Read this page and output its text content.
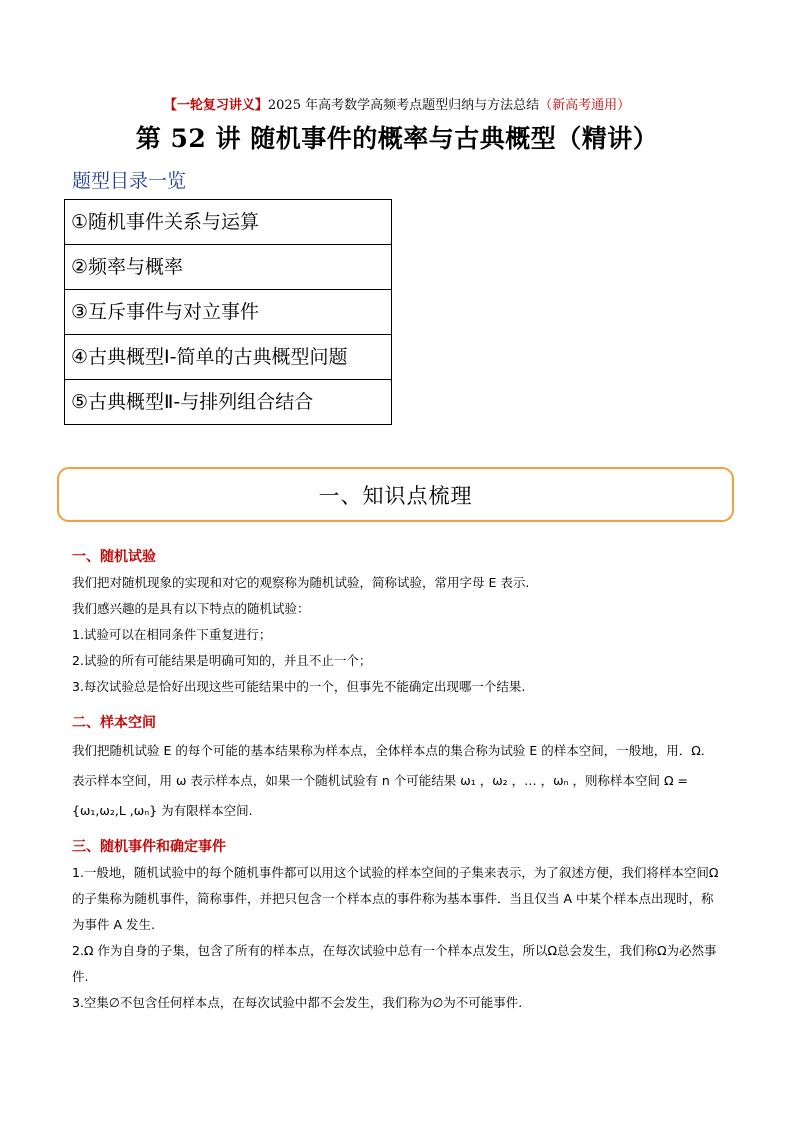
【一轮复习讲义】2025 年高考数学高频考点题型归纳与方法总结（新高考通用）
第 52 讲 随机事件的概率与古典概型（精讲）
题型目录一览
①随机事件关系与运算
②频率与概率
③互斥事件与对立事件
④古典概型Ⅰ-简单的古典概型问题
⑤古典概型Ⅱ-与排列组合结合
一、知识点梳理
一、随机试验
我们把对随机现象的实现和对它的观察称为随机试验，简称试验，常用字母 E 表示.
我们感兴趣的是具有以下特点的随机试验：
1.试验可以在相同条件下重复进行；
2.试验的所有可能结果是明确可知的，并且不止一个；
3.每次试验总是恰好出现这些可能结果中的一个，但事先不能确定出现哪一个结果.
二、样本空间
我们把随机试验 E 的每个可能的基本结果称为样本点，全体样本点的集合称为试验 E 的样本空间，一般地，用．Ω．表示样本空间，用 ω 表示样本点，如果一个随机试验有 n 个可能结果 ω₁ ，ω₂ ，… ，ωₙ ，则称样本空间 Ω = {ω₁,ω₂,L ,ωₙ} 为有限样本空间.
三、随机事件和确定事件
1.一般地，随机试验中的每个随机事件都可以用这个试验的样本空间的子集来表示，为了叙述方便，我们将样本空间Ω的子集称为随机事件，简称事件，并把只包含一个样本点的事件称为基本事件．当且仅当 A 中某个样本点出现时，称为事件 A 发生.
2.Ω 作为自身的子集，包含了所有的样本点，在每次试验中总有一个样本点发生，所以Ω总会发生，我们称Ω为必然事件.
3.空集∅不包含任何样本点，在每次试验中都不会发生，我们称为∅为不可能事件.
